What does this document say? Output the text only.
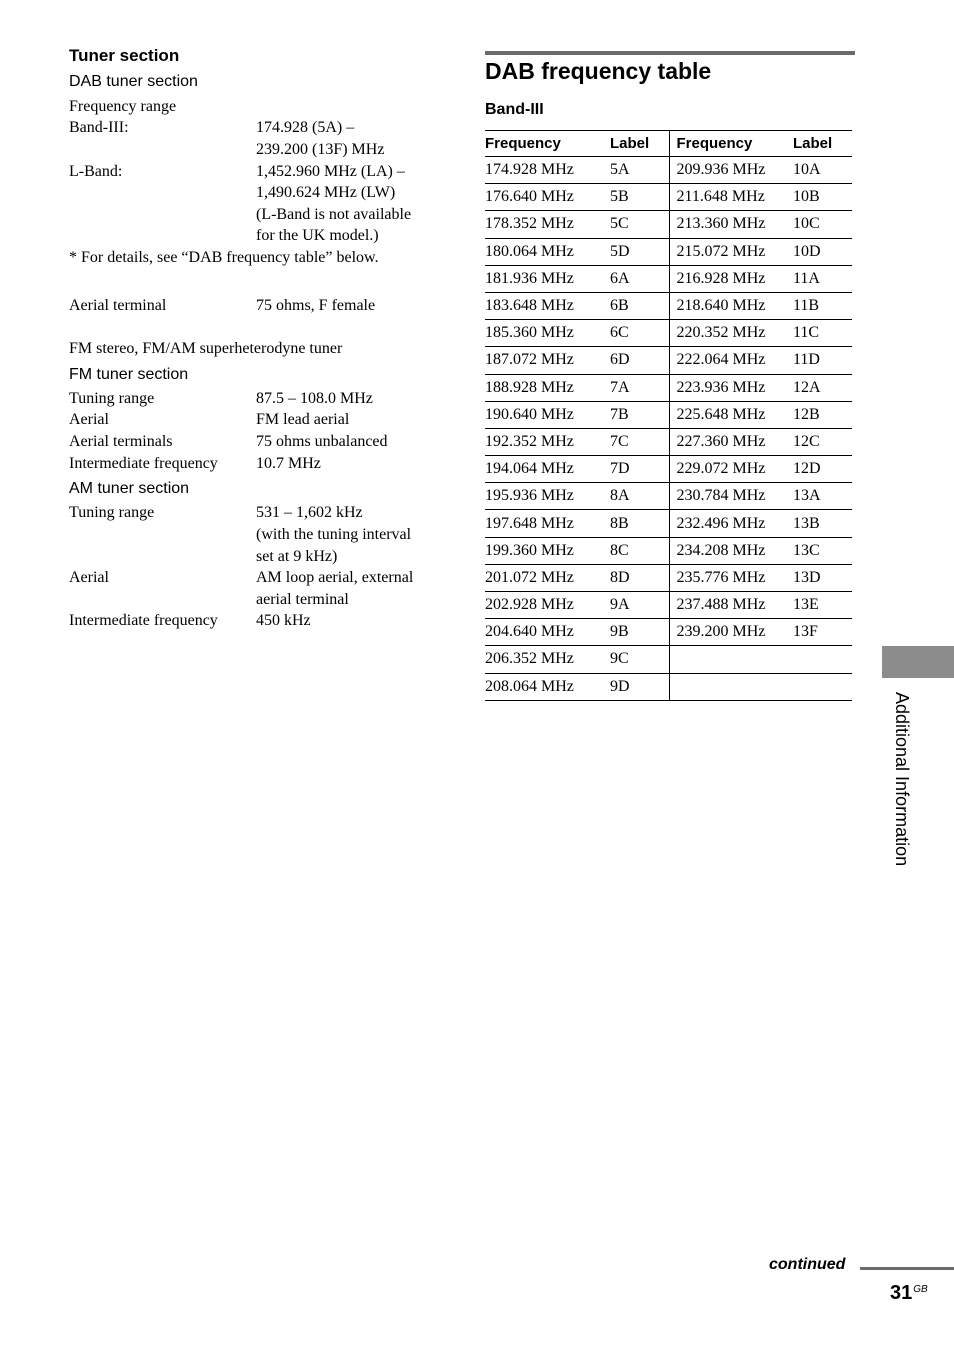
Tuner section
DAB tuner section
Frequency range
Band-III:	174.928 (5A) –
239.200 (13F) MHz
L-Band:	1,452.960 MHz (LA) –
1,490.624 MHz (LW)
(L-Band is not available
for the UK model.)
* For details, see “DAB frequency table” below.
Aerial terminal	75 ohms, F female
FM stereo, FM/AM superheterodyne tuner
FM tuner section
Tuning range	87.5 – 108.0 MHz
Aerial	FM lead aerial
Aerial terminals	75 ohms unbalanced
Intermediate frequency 10.7 MHz
AM tuner section
Tuning range	531 – 1,602 kHz
(with the tuning interval
set at 9 kHz)
Aerial	AM loop aerial, external
aerial terminal
Intermediate frequency 450 kHz
DAB frequency table
Band-III
Frequency	Label	Frequency	Label
174.928 MHz	5A	209.936 MHz	10A
176.640 MHz	5B	211.648 MHz	10B
178.352 MHz	5C	213.360 MHz	10C
180.064 MHz	5D	215.072 MHz	10D
181.936 MHz	6A	216.928 MHz	11A
183.648 MHz	6B	218.640 MHz	11B
185.360 MHz	6C	220.352 MHz	11C
187.072 MHz	6D	222.064 MHz	11D
188.928 MHz	7A	223.936 MHz	12A
190.640 MHz	7B	225.648 MHz	12B
192.352 MHz	7C	227.360 MHz	12C
194.064 MHz	7D	229.072 MHz	12D
195.936 MHz	8A	230.784 MHz	13A
197.648 MHz	8B	232.496 MHz	13B
199.360 MHz	8C	234.208 MHz	13C
201.072 MHz	8D	235.776 MHz	13D
202.928 MHz	9A	237.488 MHz	13E
204.640 MHz	9B	239.200 MHz	13F
206.352 MHz	9C		
208.064 MHz	9D		
Additional Information
continued
$31^{GB}$
